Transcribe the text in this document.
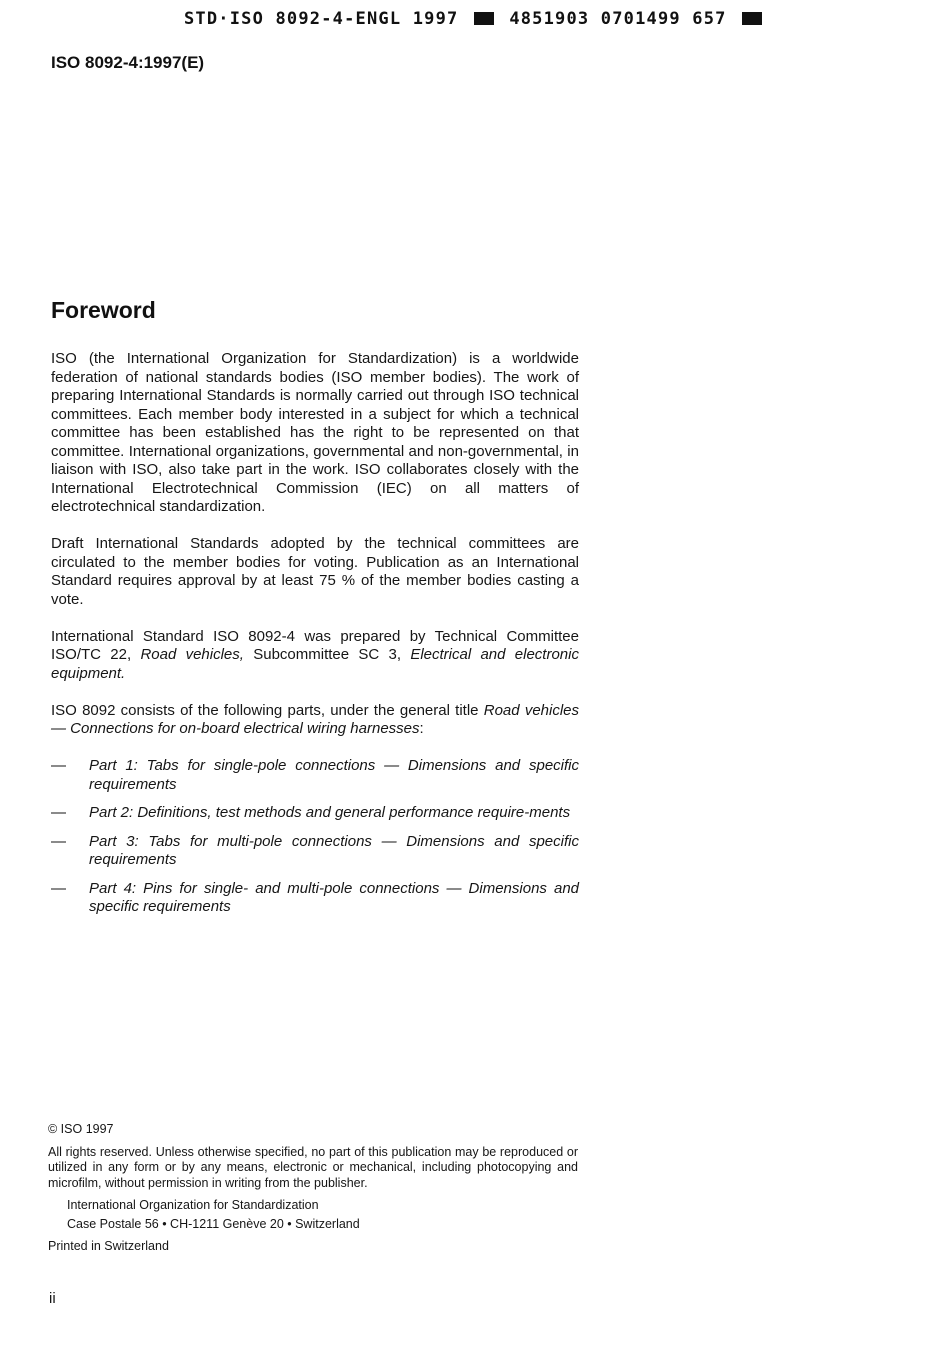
STD·ISO 8092-4-ENGL 1997	4851903 0701499 657
ISO 8092-4:1997(E)
Foreword

ISO (the International Organization for Standardization) is a worldwide federation of national standards bodies (ISO member bodies). The work of preparing International Standards is normally carried out through ISO technical committees. Each member body interested in a subject for which a technical committee has been established has the right to be represented on that committee. International organizations, governmental and non-governmental, in liaison with ISO, also take part in the work. ISO collaborates closely with the International Electrotechnical Commission (IEC) on all matters of electrotechnical standardization.

Draft International Standards adopted by the technical committees are circulated to the member bodies for voting. Publication as an International Standard requires approval by at least 75 % of the member bodies casting a vote.

International Standard ISO 8092-4 was prepared by Technical Committee ISO/TC 22, Road vehicles, Subcommittee SC 3, Electrical and electronic equipment.

ISO 8092 consists of the following parts, under the general title Road vehicles — Connections for on-board electrical wiring harnesses:

— Part 1: Tabs for single-pole connections — Dimensions and specific requirements
— Part 2: Definitions, test methods and general performance require-ments
— Part 3: Tabs for multi-pole connections — Dimensions and specific requirements
— Part 4: Pins for single- and multi-pole connections — Dimensions and specific requirements

© ISO 1997

All rights reserved. Unless otherwise specified, no part of this publication may be reproduced or utilized in any form or by any means, electronic or mechanical, including photocopying and microfilm, without permission in writing from the publisher.

International Organization for Standardization

Case Postale 56 • CH-1211 Genève 20 • Switzerland

Printed in Switzerland

ii
